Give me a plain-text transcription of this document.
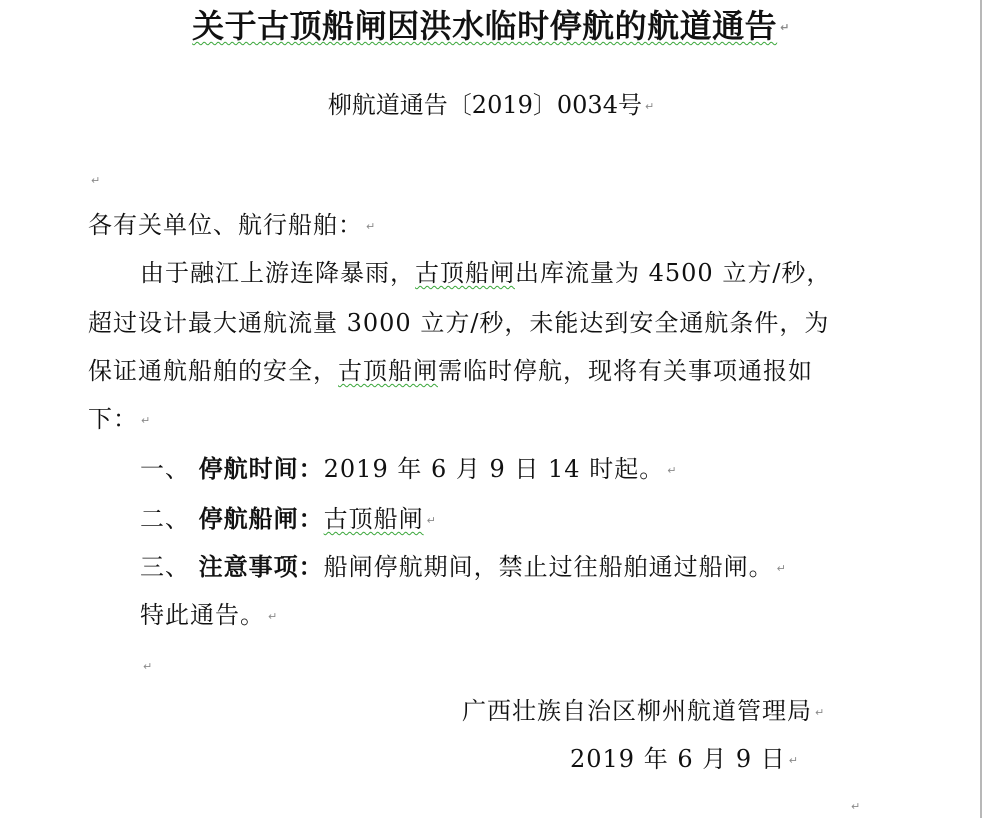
关于古顶船闸因洪水临时停航的航道通告 ↵
柳航道通告〔2019〕0034号 ↵
↵
各有关单位、航行船舶： ↵
由于融江上游连降暴雨，古顶船闸出库流量为 4500 立方/秒，
超过设计最大通航流量 3000 立方/秒，未能达到安全通航条件，为
保证通航船舶的安全，古顶船闸需临时停航，现将有关事项通报如
下： ↵
一、 停航时间：2019 年 6 月 9 日 14 时起。 ↵
二、 停航船闸：古顶船闸 ↵
三、 注意事项：船闸停航期间，禁止过往船舶通过船闸。 ↵
特此通告。 ↵
↵
广西壮族自治区柳州航道管理局 ↵
2019 年 6 月 9 日 ↵
↵
